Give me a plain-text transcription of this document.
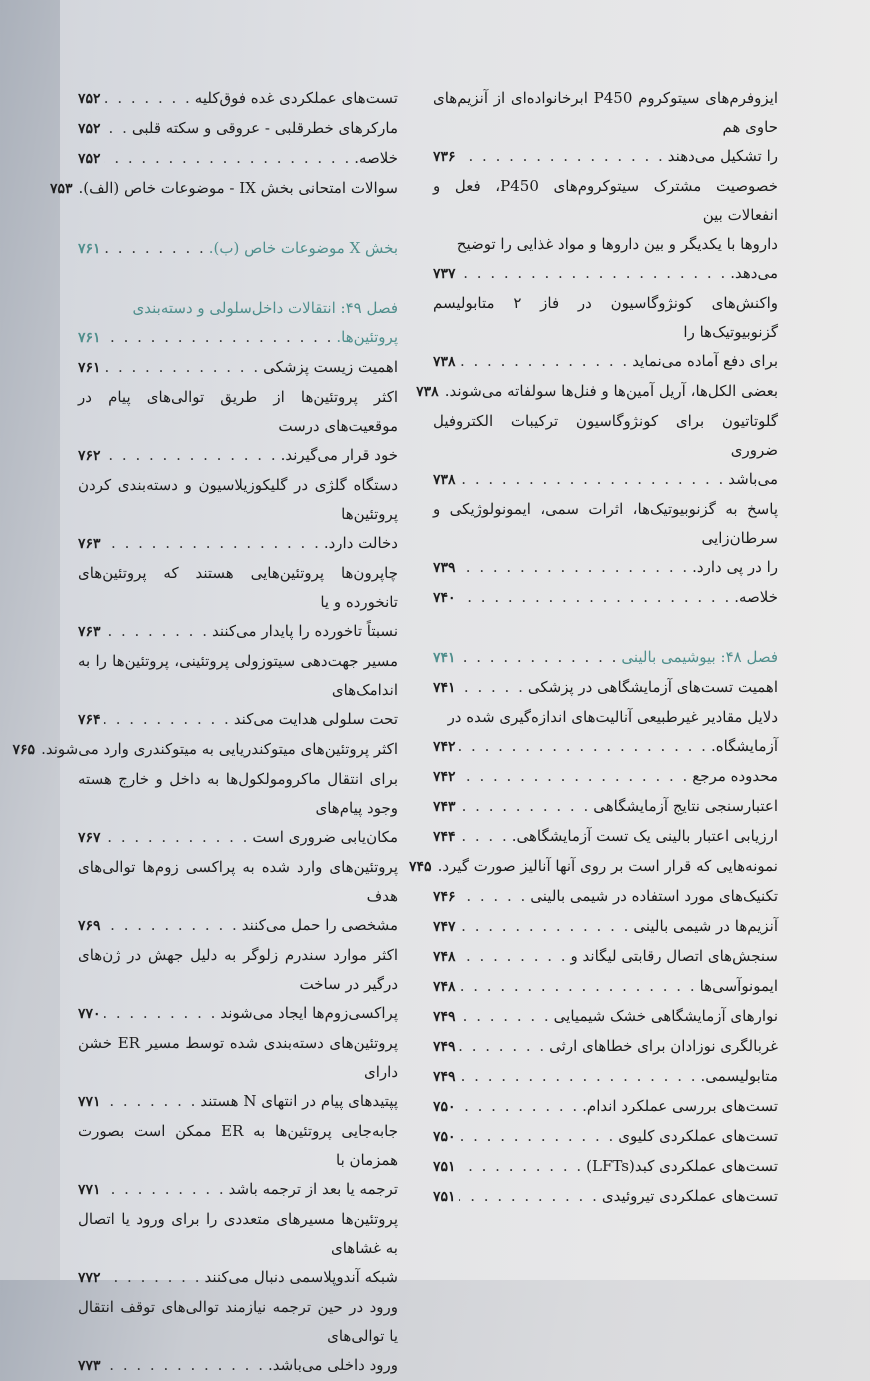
ایزوفرم‌های سیتوکروم P450 ابرخانواده‌ای از آنزیم‌های حاوی هم
را تشکیل می‌دهند
. . .
۷۳۶
خصوصیت مشترک سیتوکروم‌های P450، فعل و انفعالات بین
داروها با یکدیگر و بین داروها و مواد غذایی را توضیح
می‌دهد.
. . .
۷۳۷
واکنش‌های کونژوگاسیون در فاز ۲ متابولیسم گزنوبیوتیک‌ها را
برای دفع آماده می‌نماید
. . .
۷۳۸
بعضی الکل‌ها، آریل آمین‌ها و فنل‌ها سولفاته می‌شوند.
۷۳۸
گلوتاتیون برای کونژوگاسیون ترکیبات الکتروفیل ضروری
می‌باشد
. . .
۷۳۸
پاسخ به گزنوبیوتیک‌ها، اثرات سمی، ایمونولوژیکی و سرطان‌زایی
را در پی دارد.
. . .
۷۳۹
خلاصه.
. . .
۷۴۰
فصل ۴۸: بیوشیمی بالینی
. . .
۷۴۱
اهمیت تست‌های آزمایشگاهی در پزشکی
. . .
۷۴۱
دلایل مقادیر غیرطبیعی آنالیت‌های اندازه‌گیری شده در
آزمایشگاه.
. . .
۷۴۲
محدوده مرجع
. . .
۷۴۲
اعتبارسنجی نتایج آزمایشگاهی
. . .
۷۴۳
ارزیابی اعتبار بالینی یک تست آزمایشگاهی.
. . .
۷۴۴
نمونه‌هایی که قرار است بر روی آنها آنالیز صورت گیرد.
۷۴۵
تکنیک‌های مورد استفاده در شیمی بالینی
. . .
۷۴۶
آنزیم‌ها در شیمی بالینی
. . .
۷۴۷
سنجش‌های اتصال رقابتی لیگاند و
. . .
۷۴۸
ایمونوآسی‌ها
. . .
۷۴۸
نوارهای آزمایشگاهی خشک شیمیایی
. . .
۷۴۹
غربالگری نوزادان برای خطاهای ارثی
. . .
۷۴۹
متابولیسمی.
. . .
۷۴۹
تست‌های بررسی عملکرد اندام.
. . .
۷۵۰
تست‌های عملکردی کلیوی
. . .
۷۵۰
تست‌های عملکردی کبد(LFTs)
. . .
۷۵۱
تست‌های عملکردی تیروئیدی
. . .
۷۵۱
تست‌های عملکردی غده فوق‌کلیه
. . .
۷۵۲
مارکرهای خطرقلبی - عروقی و سکته قلبی
. . .
۷۵۲
خلاصه.
. . .
۷۵۲
سوالات امتحانی بخش IX - موضوعات خاص (الف).
۷۵۳
بخش X موضوعات خاص (ب).
. . .
۷۶۱
فصل ۴۹: انتقالات داخل‌سلولی و دسته‌بندی
پروتئین‌ها.
. . .
۷۶۱
اهمیت زیست پزشکی
. . .
۷۶۱
اکثر پروتئین‌ها از طریق توالی‌های پیام در موقعیت‌های درست
خود قرار می‌گیرند.
. . .
۷۶۲
دستگاه گلژی در گلیکوزیلاسیون و دسته‌بندی کردن پروتئین‌ها
دخالت دارد.
. . .
۷۶۳
چاپرون‌ها پروتئین‌هایی هستند که پروتئین‌های تانخورده و یا
نسبتاً تاخورده را پایدار می‌کنند
. . .
۷۶۳
مسیر جهت‌دهی سیتوزولی پروتئینی، پروتئین‌ها را به اندامک‌های
تحت سلولی هدایت می‌کند
. . .
۷۶۴
اکثر پروتئین‌های میتوکندریایی به میتوکندری وارد می‌شوند.
۷۶۵
برای انتقال ماکرومولکول‌ها به داخل و خارج هسته وجود پیام‌های
مکان‌یابی ضروری است
. . .
۷۶۷
پروتئین‌های وارد شده به پراکسی زوم‌ها توالی‌های هدف
مشخصی را حمل می‌کنند
. . .
۷۶۹
اکثر موارد سندرم زلوگر به دلیل جهش در ژن‌های درگیر در ساخت
پراکسی‌زوم‌ها ایجاد می‌شوند
. . .
۷۷۰
پروتئین‌های دسته‌بندی شده توسط مسیر ER خشن دارای
پپتیدهای پیام در انتهای N هستند
. . .
۷۷۱
جابه‌جایی پروتئین‌ها به ER ممکن است بصورت همزمان با
ترجمه یا بعد از ترجمه باشد
. . .
۷۷۱
پروتئین‌ها مسیرهای متعددی را برای ورود یا اتصال به غشاهای
شبکه آندوپلاسمی دنبال می‌کنند
. . .
۷۷۲
ورود در حین ترجمه نیازمند توالی‌های توقف انتقال یا توالی‌های
ورود داخلی می‌باشد.
. . .
۷۷۳
